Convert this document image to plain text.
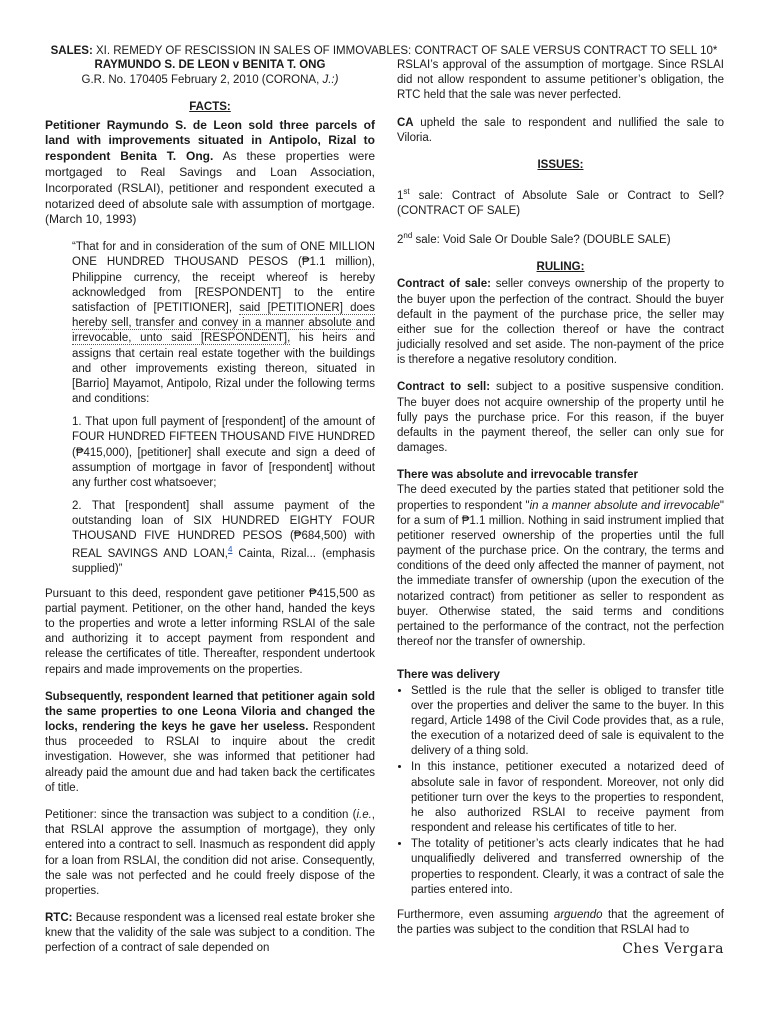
SALES: XI. REMEDY OF RESCISSION IN SALES OF IMMOVABLES: CONTRACT OF SALE VERSUS CONTRACT TO SELL 10*
RAYMUNDO S. DE LEON v BENITA T. ONG
G.R. No. 170405 February 2, 2010 (CORONA, J.:)
FACTS:

Petitioner Raymundo S. de Leon sold three parcels of land with improvements situated in Antipolo, Rizal to respondent Benita T. Ong. As these properties were mortgaged to Real Savings and Loan Association, Incorporated (RSLAI), petitioner and respondent executed a notarized deed of absolute sale with assumption of mortgage. (March 10, 1993)

“That for and in consideration of the sum of ONE MILLION ONE HUNDRED THOUSAND PESOS (₱1.1 million), Philippine currency, the receipt whereof is hereby acknowledged from [RESPONDENT] to the entire satisfaction of [PETITIONER], said [PETITIONER] does hereby sell, transfer and convey in a manner absolute and irrevocable, unto said [RESPONDENT], his heirs and assigns that certain real estate together with the buildings and other improvements existing thereon, situated in [Barrio] Mayamot, Antipolo, Rizal under the following terms and conditions:

1. That upon full payment of [respondent] of the amount of FOUR HUNDRED FIFTEEN THOUSAND FIVE HUNDRED (₱415,000), [petitioner] shall execute and sign a deed of assumption of mortgage in favor of [respondent] without any further cost whatsoever;

2. That [respondent] shall assume payment of the outstanding loan of SIX HUNDRED EIGHTY FOUR THOUSAND FIVE HUNDRED PESOS (₱684,500) with REAL SAVINGS AND LOAN,$^4$ Cainta, Rizal... (emphasis supplied)”

Pursuant to this deed, respondent gave petitioner ₱415,500 as partial payment. Petitioner, on the other hand, handed the keys to the properties and wrote a letter informing RSLAI of the sale and authorizing it to accept payment from respondent and release the certificates of title. Thereafter, respondent undertook repairs and made improvements on the properties.

Subsequently, respondent learned that petitioner again sold the same properties to one Leona Viloria and changed the locks, rendering the keys he gave her useless. Respondent thus proceeded to RSLAI to inquire about the credit investigation. However, she was informed that petitioner had already paid the amount due and had taken back the certificates of title.

Petitioner: since the transaction was subject to a condition (i.e., that RSLAI approve the assumption of mortgage), they only entered into a contract to sell. Inasmuch as respondent did apply for a loan from RSLAI, the condition did not arise. Consequently, the sale was not perfected and he could freely dispose of the properties.

RTC: Because respondent was a licensed real estate broker she knew that the validity of the sale was subject to a condition. The perfection of a contract of sale depended on

RSLAI’s approval of the assumption of mortgage. Since RSLAI did not allow respondent to assume petitioner’s obligation, the RTC held that the sale was never perfected.

CA upheld the sale to respondent and nullified the sale to Viloria.

ISSUES:

1st sale: Contract of Absolute Sale or Contract to Sell? (CONTRACT OF SALE)

2nd sale: Void Sale Or Double Sale? (DOUBLE SALE)

RULING:

Contract of sale: seller conveys ownership of the property to the buyer upon the perfection of the contract. Should the buyer default in the payment of the purchase price, the seller may either sue for the collection thereof or have the contract judicially resolved and set aside. The non-payment of the price is therefore a negative resolutory condition.

Contract to sell: subject to a positive suspensive condition. The buyer does not acquire ownership of the property until he fully pays the purchase price. For this reason, if the buyer defaults in the payment thereof, the seller can only sue for damages.

There was absolute and irrevocable transfer

The deed executed by the parties stated that petitioner sold the properties to respondent "in a manner absolute and irrevocable" for a sum of ₱1.1 million. Nothing in said instrument implied that petitioner reserved ownership of the properties until the full payment of the purchase price. On the contrary, the terms and conditions of the deed only affected the manner of payment, not the immediate transfer of ownership (upon the execution of the notarized contract) from petitioner as seller to respondent as buyer. Otherwise stated, the said terms and conditions pertained to the performance of the contract, not the perfection thereof nor the transfer of ownership.

There was delivery
• Settled is the rule that the seller is obliged to transfer title over the properties and deliver the same to the buyer. In this regard, Article 1498 of the Civil Code provides that, as a rule, the execution of a notarized deed of sale is equivalent to the delivery of a thing sold.
• In this instance, petitioner executed a notarized deed of absolute sale in favor of respondent. Moreover, not only did petitioner turn over the keys to the properties to respondent, he also authorized RSLAI to receive payment from respondent and release his certificates of title to her.
• The totality of petitioner’s acts clearly indicates that he had unqualifiedly delivered and transferred ownership of the properties to respondent. Clearly, it was a contract of sale the parties entered into.

Furthermore, even assuming arguendo that the agreement of the parties was subject to the condition that RSLAI had to

Ches Vergara
